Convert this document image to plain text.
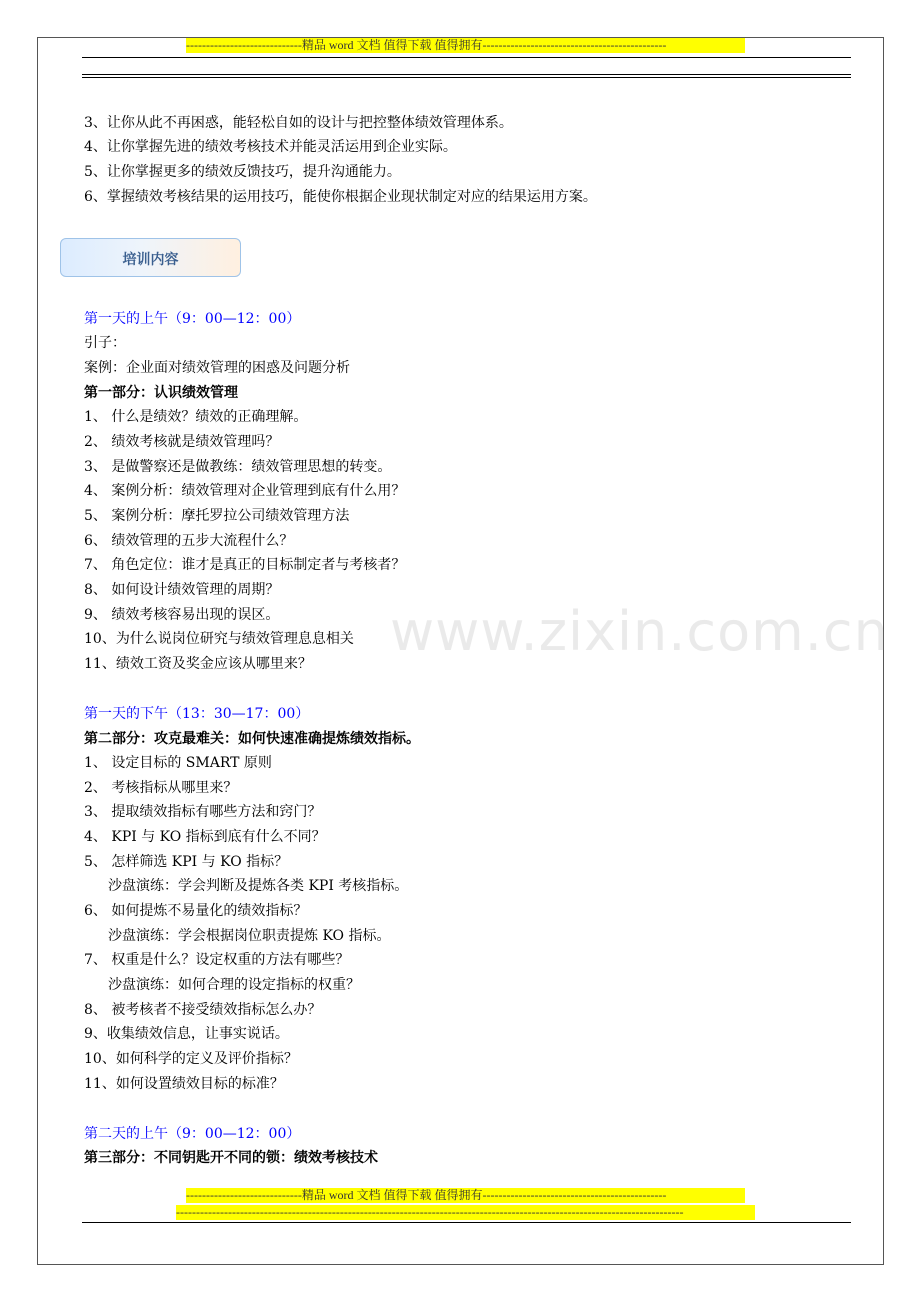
-----------------------------精品 word 文档 值得下载 值得拥有----------------------------------------------
3、让你从此不再困惑，能轻松自如的设计与把控整体绩效管理体系。
4、让你掌握先进的绩效考核技术并能灵活运用到企业实际。
5、让你掌握更多的绩效反馈技巧，提升沟通能力。
6、掌握绩效考核结果的运用技巧，能使你根据企业现状制定对应的结果运用方案。
培训内容
第一天的上午（9：00—12：00）
引子：
案例：企业面对绩效管理的困惑及问题分析
第一部分：认识绩效管理
1、 什么是绩效？绩效的正确理解。
2、 绩效考核就是绩效管理吗？
3、 是做警察还是做教练：绩效管理思想的转变。
4、 案例分析：绩效管理对企业管理到底有什么用？
5、 案例分析：摩托罗拉公司绩效管理方法
6、 绩效管理的五步大流程什么？
7、 角色定位：谁才是真正的目标制定者与考核者？
8、 如何设计绩效管理的周期？
9、 绩效考核容易出现的误区。
10、为什么说岗位研究与绩效管理息息相关
11、绩效工资及奖金应该从哪里来？
第一天的下午（13：30—17：00）
第二部分：攻克最难关：如何快速准确提炼绩效指标。
1、 设定目标的 SMART 原则
2、 考核指标从哪里来？
3、 提取绩效指标有哪些方法和窍门？
4、 KPI 与 KO 指标到底有什么不同？
5、 怎样筛选 KPI 与 KO 指标？
沙盘演练：学会判断及提炼各类 KPI 考核指标。
6、 如何提炼不易量化的绩效指标？
沙盘演练：学会根据岗位职责提炼 KO 指标。
7、 权重是什么？设定权重的方法有哪些？
沙盘演练：如何合理的设定指标的权重？
8、 被考核者不接受绩效指标怎么办？
9、收集绩效信息，让事实说话。
10、如何科学的定义及评价指标？
11、如何设置绩效目标的标准？
第二天的上午（9：00—12：00）
第三部分：不同钥匙开不同的锁：绩效考核技术
-----------------------------精品 word 文档 值得下载 值得拥有----------------------------------------------
-------------------------------------------------------------------------------------------------------------------------------
www.zixin.com.cn
